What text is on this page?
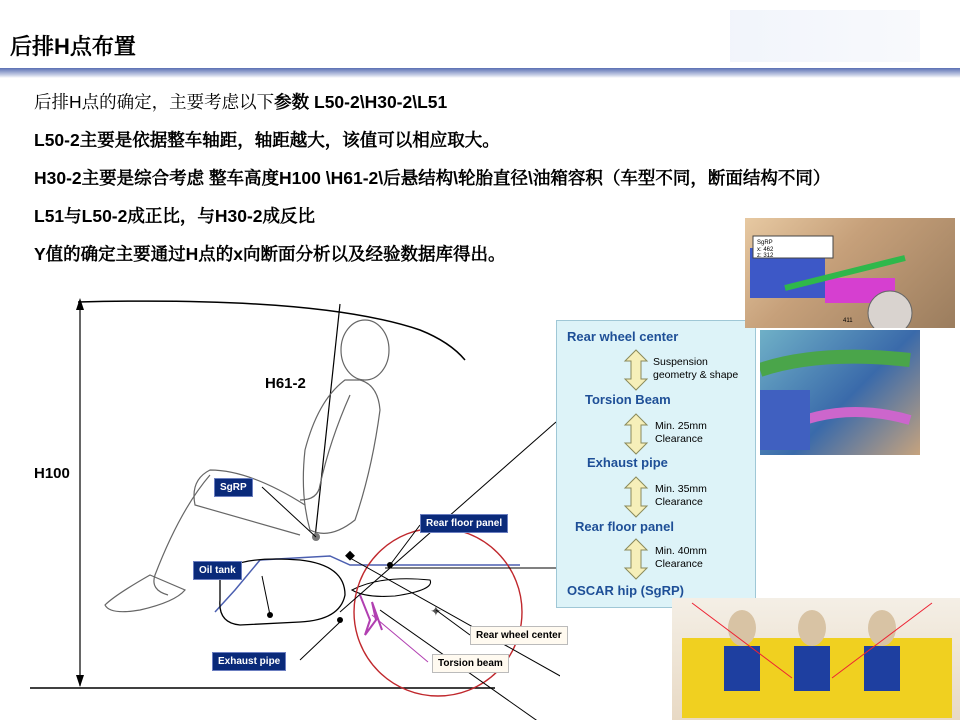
后排H点布置
后排H点的确定，主要考虑以下参数 L50-2\H30-2\L51
L50-2主要是依据整车轴距，轴距越大，该值可以相应取大。
H30-2主要是综合考虑 整车高度H100 \H61-2\后悬结构\轮胎直径\油箱容积（车型不同，断面结构不同）
L51与L50-2成正比，与H30-2成反比
Y值的确定主要通过H点的x向断面分析以及经验数据库得出。
H100
H61-2
✦
SgRP
Oil tank
Rear floor panel
Exhaust pipe
Rear wheel center
Torsion beam
Rear wheel center
Suspension geometry & shape
Torsion Beam
Min. 25mm Clearance
Exhaust pipe
Min. 35mm Clearance
Rear floor panel
Min. 40mm Clearance
OSCAR hip (SgRP)
SgRP
x: 462
z: 312
411
